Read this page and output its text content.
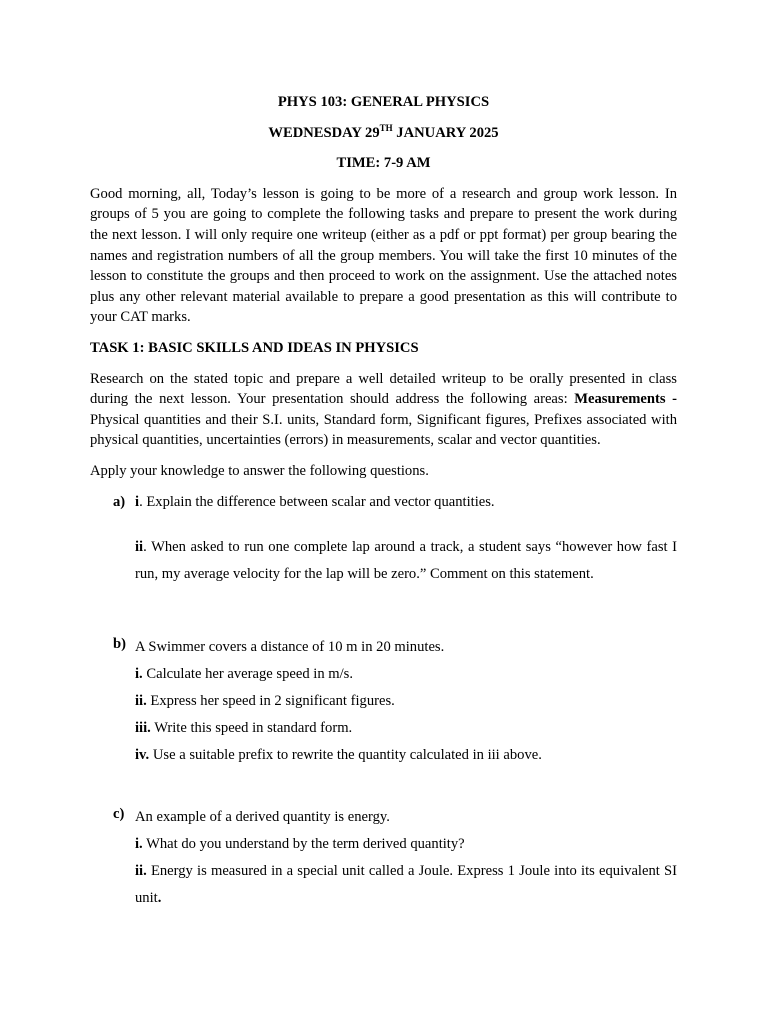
PHYS 103: GENERAL PHYSICS
WEDNESDAY 29TH JANUARY 2025
TIME: 7-9 AM

Good morning, all, Today’s lesson is going to be more of a research and group work lesson. In groups of 5 you are going to complete the following tasks and prepare to present the work during the next lesson. I will only require one writeup (either as a pdf or ppt format) per group bearing the names and registration numbers of all the group members. You will take the first 10 minutes of the lesson to constitute the groups and then proceed to work on the assignment. Use the attached notes plus any other relevant material available to prepare a good presentation as this will contribute to your CAT marks.

TASK 1: BASIC SKILLS AND IDEAS IN PHYSICS

Research on the stated topic and prepare a well detailed writeup to be orally presented in class during the next lesson. Your presentation should address the following areas: Measurements - Physical quantities and their S.I. units, Standard form, Significant figures, Prefixes associated with physical quantities, uncertainties (errors) in measurements, scalar and vector quantities.

Apply your knowledge to answer the following questions.

a) i. Explain the difference between scalar and vector quantities.
ii. When asked to run one complete lap around a track, a student says “however how fast I run, my average velocity for the lap will be zero.” Comment on this statement.
b) A Swimmer covers a distance of 10 m in 20 minutes.
i. Calculate her average speed in m/s.
ii. Express her speed in 2 significant figures.
iii. Write this speed in standard form.
iv. Use a suitable prefix to rewrite the quantity calculated in iii above.
c) An example of a derived quantity is energy.
i. What do you understand by the term derived quantity?
ii. Energy is measured in a special unit called a Joule. Express 1 Joule into its equivalent SI unit.
